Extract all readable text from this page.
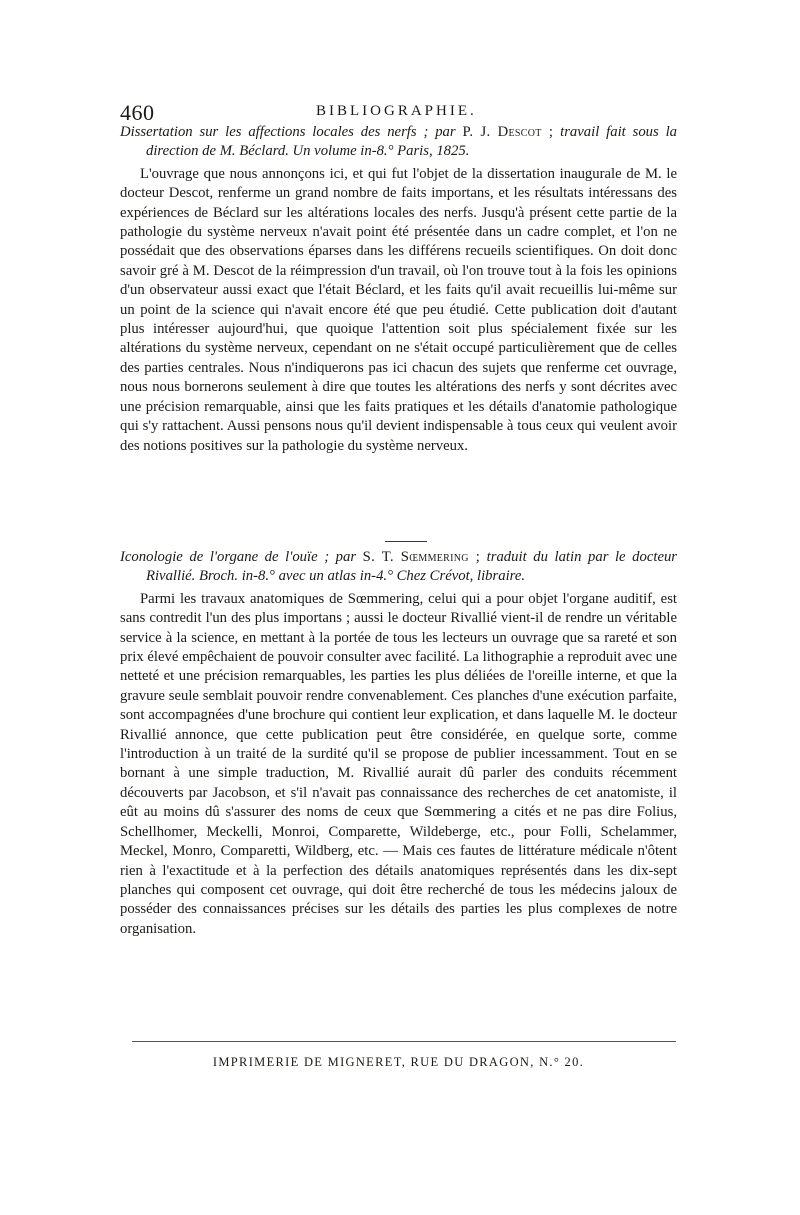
460	BIBLIOGRAPHIE.

Dissertation sur les affections locales des nerfs ; par P. J. Descot ; travail fait sous la direction de M. Béclard. Un volume in-8.° Paris, 1825.

L'ouvrage que nous annonçons ici, et qui fut l'objet de la dissertation inaugurale de M. le docteur Descot, renferme un grand nombre de faits importans, et les résultats intéressans des expériences de Béclard sur les altérations locales des nerfs. Jusqu'à présent cette partie de la pathologie du système nerveux n'avait point été présentée dans un cadre complet, et l'on ne possédait que des observations éparses dans les différens recueils scientifiques. On doit donc savoir gré à M. Descot de la réimpression d'un travail, où l'on trouve tout à la fois les opinions d'un observateur aussi exact que l'était Béclard, et les faits qu'il avait recueillis lui-même sur un point de la science qui n'avait encore été que peu étudié. Cette publication doit d'autant plus intéresser aujourd'hui, que quoique l'attention soit plus spécialement fixée sur les altérations du système nerveux, cependant on ne s'était occupé particulièrement que de celles des parties centrales. Nous n'indiquerons pas ici chacun des sujets que renferme cet ouvrage, nous nous bornerons seulement à dire que toutes les altérations des nerfs y sont décrites avec une précision remarquable, ainsi que les faits pratiques et les détails d'anatomie pathologique qui s'y rattachent. Aussi pensons nous qu'il devient indispensable à tous ceux qui veulent avoir des notions positives sur la pathologie du système nerveux.

Iconologie de l'organe de l'ouïe ; par S. T. Sœmmering ; traduit du latin par le docteur Rivallié. Broch. in-8.° avec un atlas in-4.° Chez Crévot, libraire.

Parmi les travaux anatomiques de Sœmmering, celui qui a pour objet l'organe auditif, est sans contredit l'un des plus importans ; aussi le docteur Rivallié vient-il de rendre un véritable service à la science, en mettant à la portée de tous les lecteurs un ouvrage que sa rareté et son prix élevé empêchaient de pouvoir consulter avec facilité. La lithographie a reproduit avec une netteté et une précision remarquables, les parties les plus déliées de l'oreille interne, et que la gravure seule semblait pouvoir rendre convenablement. Ces planches d'une exécution parfaite, sont accompagnées d'une brochure qui contient leur explication, et dans laquelle M. le docteur Rivallié annonce, que cette publication peut être considérée, en quelque sorte, comme l'introduction à un traité de la surdité qu'il se propose de publier incessamment. Tout en se bornant à une simple traduction, M. Rivallié aurait dû parler des conduits récemment découverts par Jacobson, et s'il n'avait pas connaissance des recherches de cet anatomiste, il eût au moins dû s'assurer des noms de ceux que Sœmmering a cités et ne pas dire Folius, Schellhomer, Meckelli, Monroi, Comparette, Wildeberge, etc., pour Folli, Schelammer, Meckel, Monro, Comparetti, Wildberg, etc. — Mais ces fautes de littérature médicale n'ôtent rien à l'exactitude et à la perfection des détails anatomiques représentés dans les dix-sept planches qui composent cet ouvrage, qui doit être recherché de tous les médecins jaloux de posséder des connaissances précises sur les détails des parties les plus complexes de notre organisation.

IMPRIMERIE DE MIGNERET, RUE DU DRAGON, N.° 20.
